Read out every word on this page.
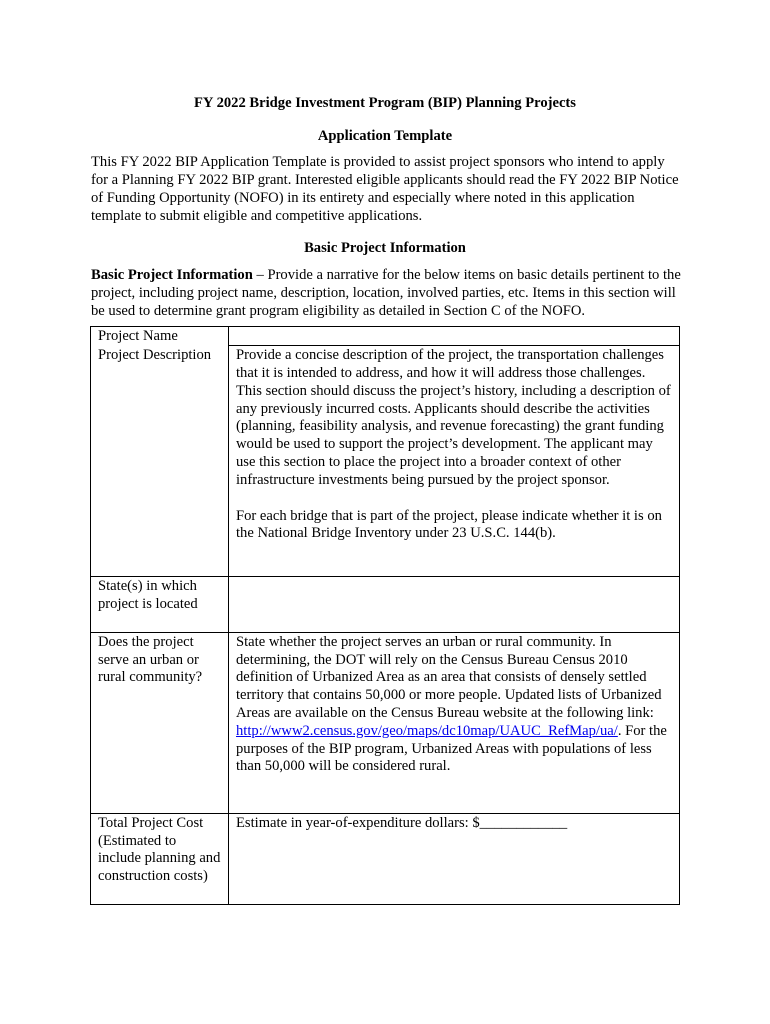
FY 2022 Bridge Investment Program (BIP) Planning Projects
Application Template

This FY 2022 BIP Application Template is provided to assist project sponsors who intend to apply for a Planning FY 2022 BIP grant. Interested eligible applicants should read the FY 2022 BIP Notice of Funding Opportunity (NOFO) in its entirety and especially where noted in this application template to submit eligible and competitive applications.

Basic Project Information

Basic Project Information – Provide a narrative for the below items on basic details pertinent to the project, including project name, description, location, involved parties, etc. Items in this section will be used to determine grant program eligibility as detailed in Section C of the NOFO.

Project Name	
Project Description	Provide a concise description of the project, the transportation challenges that it is intended to address, and how it will address those challenges. This section should discuss the project’s history, including a description of any previously incurred costs. Applicants should describe the activities (planning, feasibility analysis, and revenue forecasting) the grant funding would be used to support the project’s development. The applicant may use this section to place the project into a broader context of other infrastructure investments being pursued by the project sponsor.

For each bridge that is part of the project, please indicate whether it is on the National Bridge Inventory under 23 U.S.C. 144(b).

State(s) in which project is located	
Does the project serve an urban or rural community?	State whether the project serves an urban or rural community. In determining, the DOT will rely on the Census Bureau Census 2010 definition of Urbanized Area as an area that consists of densely settled territory that contains 50,000 or more people. Updated lists of Urbanized Areas are available on the Census Bureau website at the following link: http://www2.census.gov/geo/maps/dc10map/UAUC_RefMap/ua/. For the purposes of the BIP program, Urbanized Areas with populations of less than 50,000 will be considered rural.
Total Project Cost (Estimated to include planning and construction costs)	Estimate in year-of-expenditure dollars: $____________
